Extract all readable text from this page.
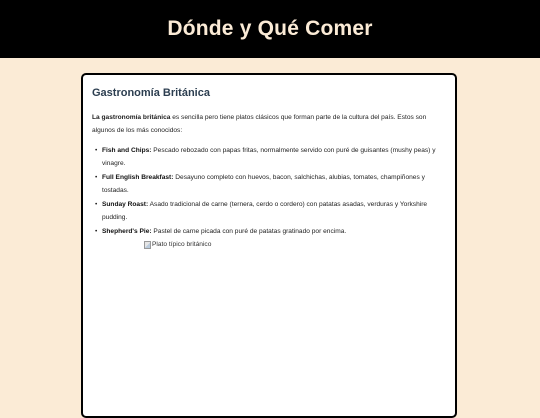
Dónde y Qué Comer
Gastronomía Británica

La gastronomía británica es sencilla pero tiene platos clásicos que forman parte de la cultura del país. Estos son algunos de los más conocidos:

• Fish and Chips: Pescado rebozado con papas fritas, normalmente servido con puré de guisantes (mushy peas) y vinagre.
• Full English Breakfast: Desayuno completo con huevos, bacon, salchichas, alubias, tomates, champiñones y tostadas.
• Sunday Roast: Asado tradicional de carne (ternera, cerdo o cordero) con patatas asadas, verduras y Yorkshire pudding.
• Shepherd's Pie: Pastel de carne picada con puré de patatas gratinado por encima.
Plato típico británico
